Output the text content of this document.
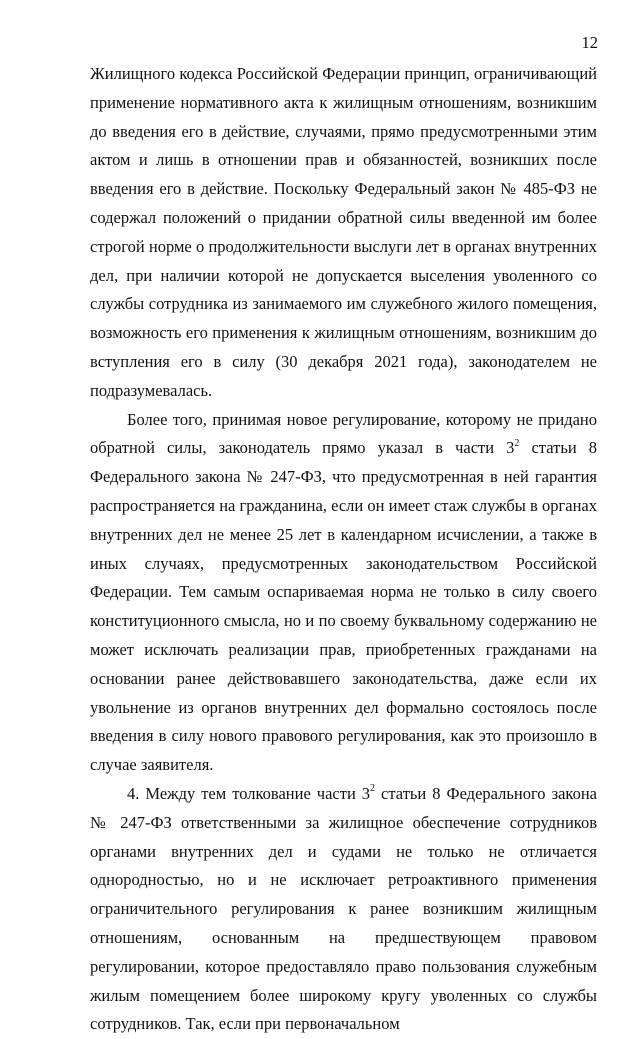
12

Жилищного кодекса Российской Федерации принцип, ограничивающий применение нормативного акта к жилищным отношениям, возникшим до введения его в действие, случаями, прямо предусмотренными этим актом и лишь в отношении прав и обязанностей, возникших после введения его в действие. Поскольку Федеральный закон № 485-ФЗ не содержал положений о придании обратной силы введенной им более строгой норме о продолжительности выслуги лет в органах внутренних дел, при наличии которой не допускается выселения уволенного со службы сотрудника из занимаемого им служебного жилого помещения, возможность его применения к жилищным отношениям, возникшим до вступления его в силу (30 декабря 2021 года), законодателем не подразумевалась.

Более того, принимая новое регулирование, которому не придано обратной силы, законодатель прямо указал в части $3^2$ статьи 8 Федерального закона № 247-ФЗ, что предусмотренная в ней гарантия распространяется на гражданина, если он имеет стаж службы в органах внутренних дел не менее 25 лет в календарном исчислении, а также в иных случаях, предусмотренных законодательством Российской Федерации. Тем самым оспариваемая норма не только в силу своего конституционного смысла, но и по своему буквальному содержанию не может исключать реализации прав, приобретенных гражданами на основании ранее действовавшего законодательства, даже если их увольнение из органов внутренних дел формально состоялось после введения в силу нового правового регулирования, как это произошло в случае заявителя.

4. Между тем толкование части $3^2$ статьи 8 Федерального закона № 247-ФЗ ответственными за жилищное обеспечение сотрудников органами внутренних дел и судами не только не отличается однородностью, но и не исключает ретроактивного применения ограничительного регулирования к ранее возникшим жилищным отношениям, основанным на предшествующем правовом регулировании, которое предоставляло право пользования служебным жилым помещением более широкому кругу уволенных со службы сотрудников. Так, если при первоначальном
